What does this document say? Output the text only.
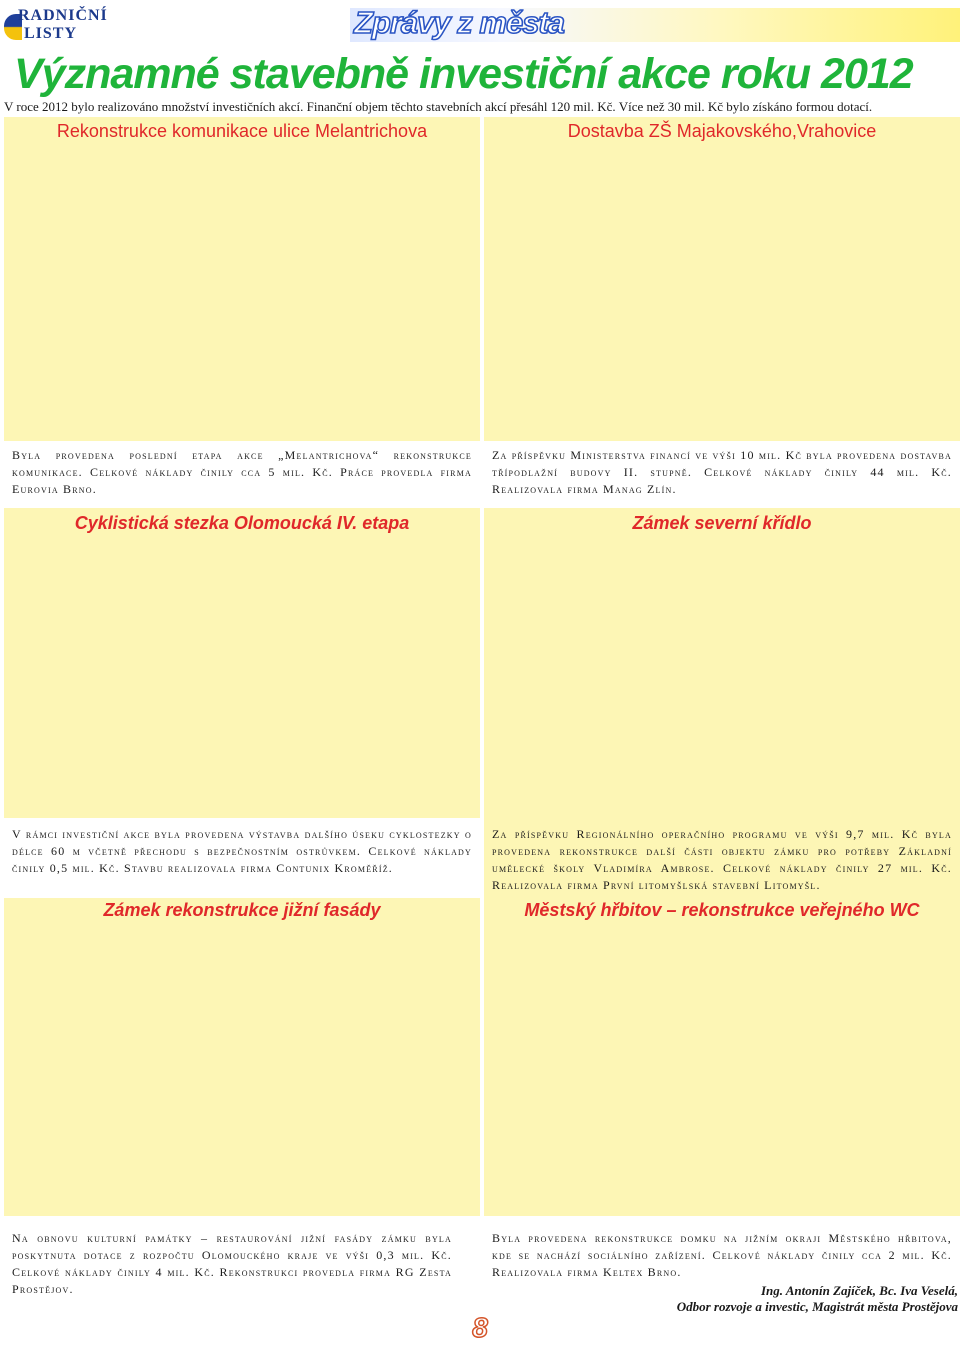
RADNIČNÍ
LISTY	Zprávy z města
Významné stavebně investiční akce roku 2012
V roce 2012 bylo realizováno množství investičních akcí. Finanční objem těchto stavebních akcí přesáhl 120 mil. Kč. Více než 30 mil. Kč bylo získáno formou dotací.
Rekonstrukce komunikace ulice Melantrichova	Dostavba ZŠ Majakovského,Vrahovice
Byla provedena poslední etapa akce „Melantrichova“ rekonstrukce komunikace. Celkové náklady činily cca 5 mil. Kč. Práce provedla firma Eurovia Brno.
Za příspěvku Ministerstva financí ve výši 10 mil. Kč byla provedena dostavba třípodlažní budovy II. stupně. Celkové náklady činily 44 mil. Kč. Realizovala firma Manag Zlín.
Cyklistická stezka Olomoucká IV. etapa	Zámek severní křídlo
V rámci investiční akce byla provedena výstavba dalšího úseku cyklostezky o délce 60 m včetně přechodu s bezpečnostním ostrůvkem. Celkové náklady činily 0,5 mil. Kč. Stavbu realizovala firma Contunix Kroměříž.
Za příspěvku Regionálního operačního programu ve výši 9,7 mil. Kč byla provedena rekonstrukce další části objektu zámku pro potřeby Základní umělecké školy Vladimíra Ambrose. Celkové náklady činily 27 mil. Kč. Realizovala firma První litomyšlská stavební Litomyšl.
Zámek rekonstrukce jižní fasády	Městský hřbitov – rekonstrukce veřejného WC
Na obnovu kulturní památky – restaurování jižní fasády zámku byla poskytnuta dotace z rozpočtu Olomouckého kraje ve výši 0,3 mil. Kč. Celkové náklady činily 4 mil. Kč. Rekonstrukci provedla firma RG Zesta Prostějov.
Byla provedena rekonstrukce domku na jižním okraji Městského hřbitova, kde se nachází sociálního zařízení. Celkové náklady činily cca 2 mil. Kč. Realizovala firma Keltex Brno.
Ing. Antonín Zajíček, Bc. Iva Veselá,
Odbor rozvoje a investic, Magistrát města Prostějova
8
